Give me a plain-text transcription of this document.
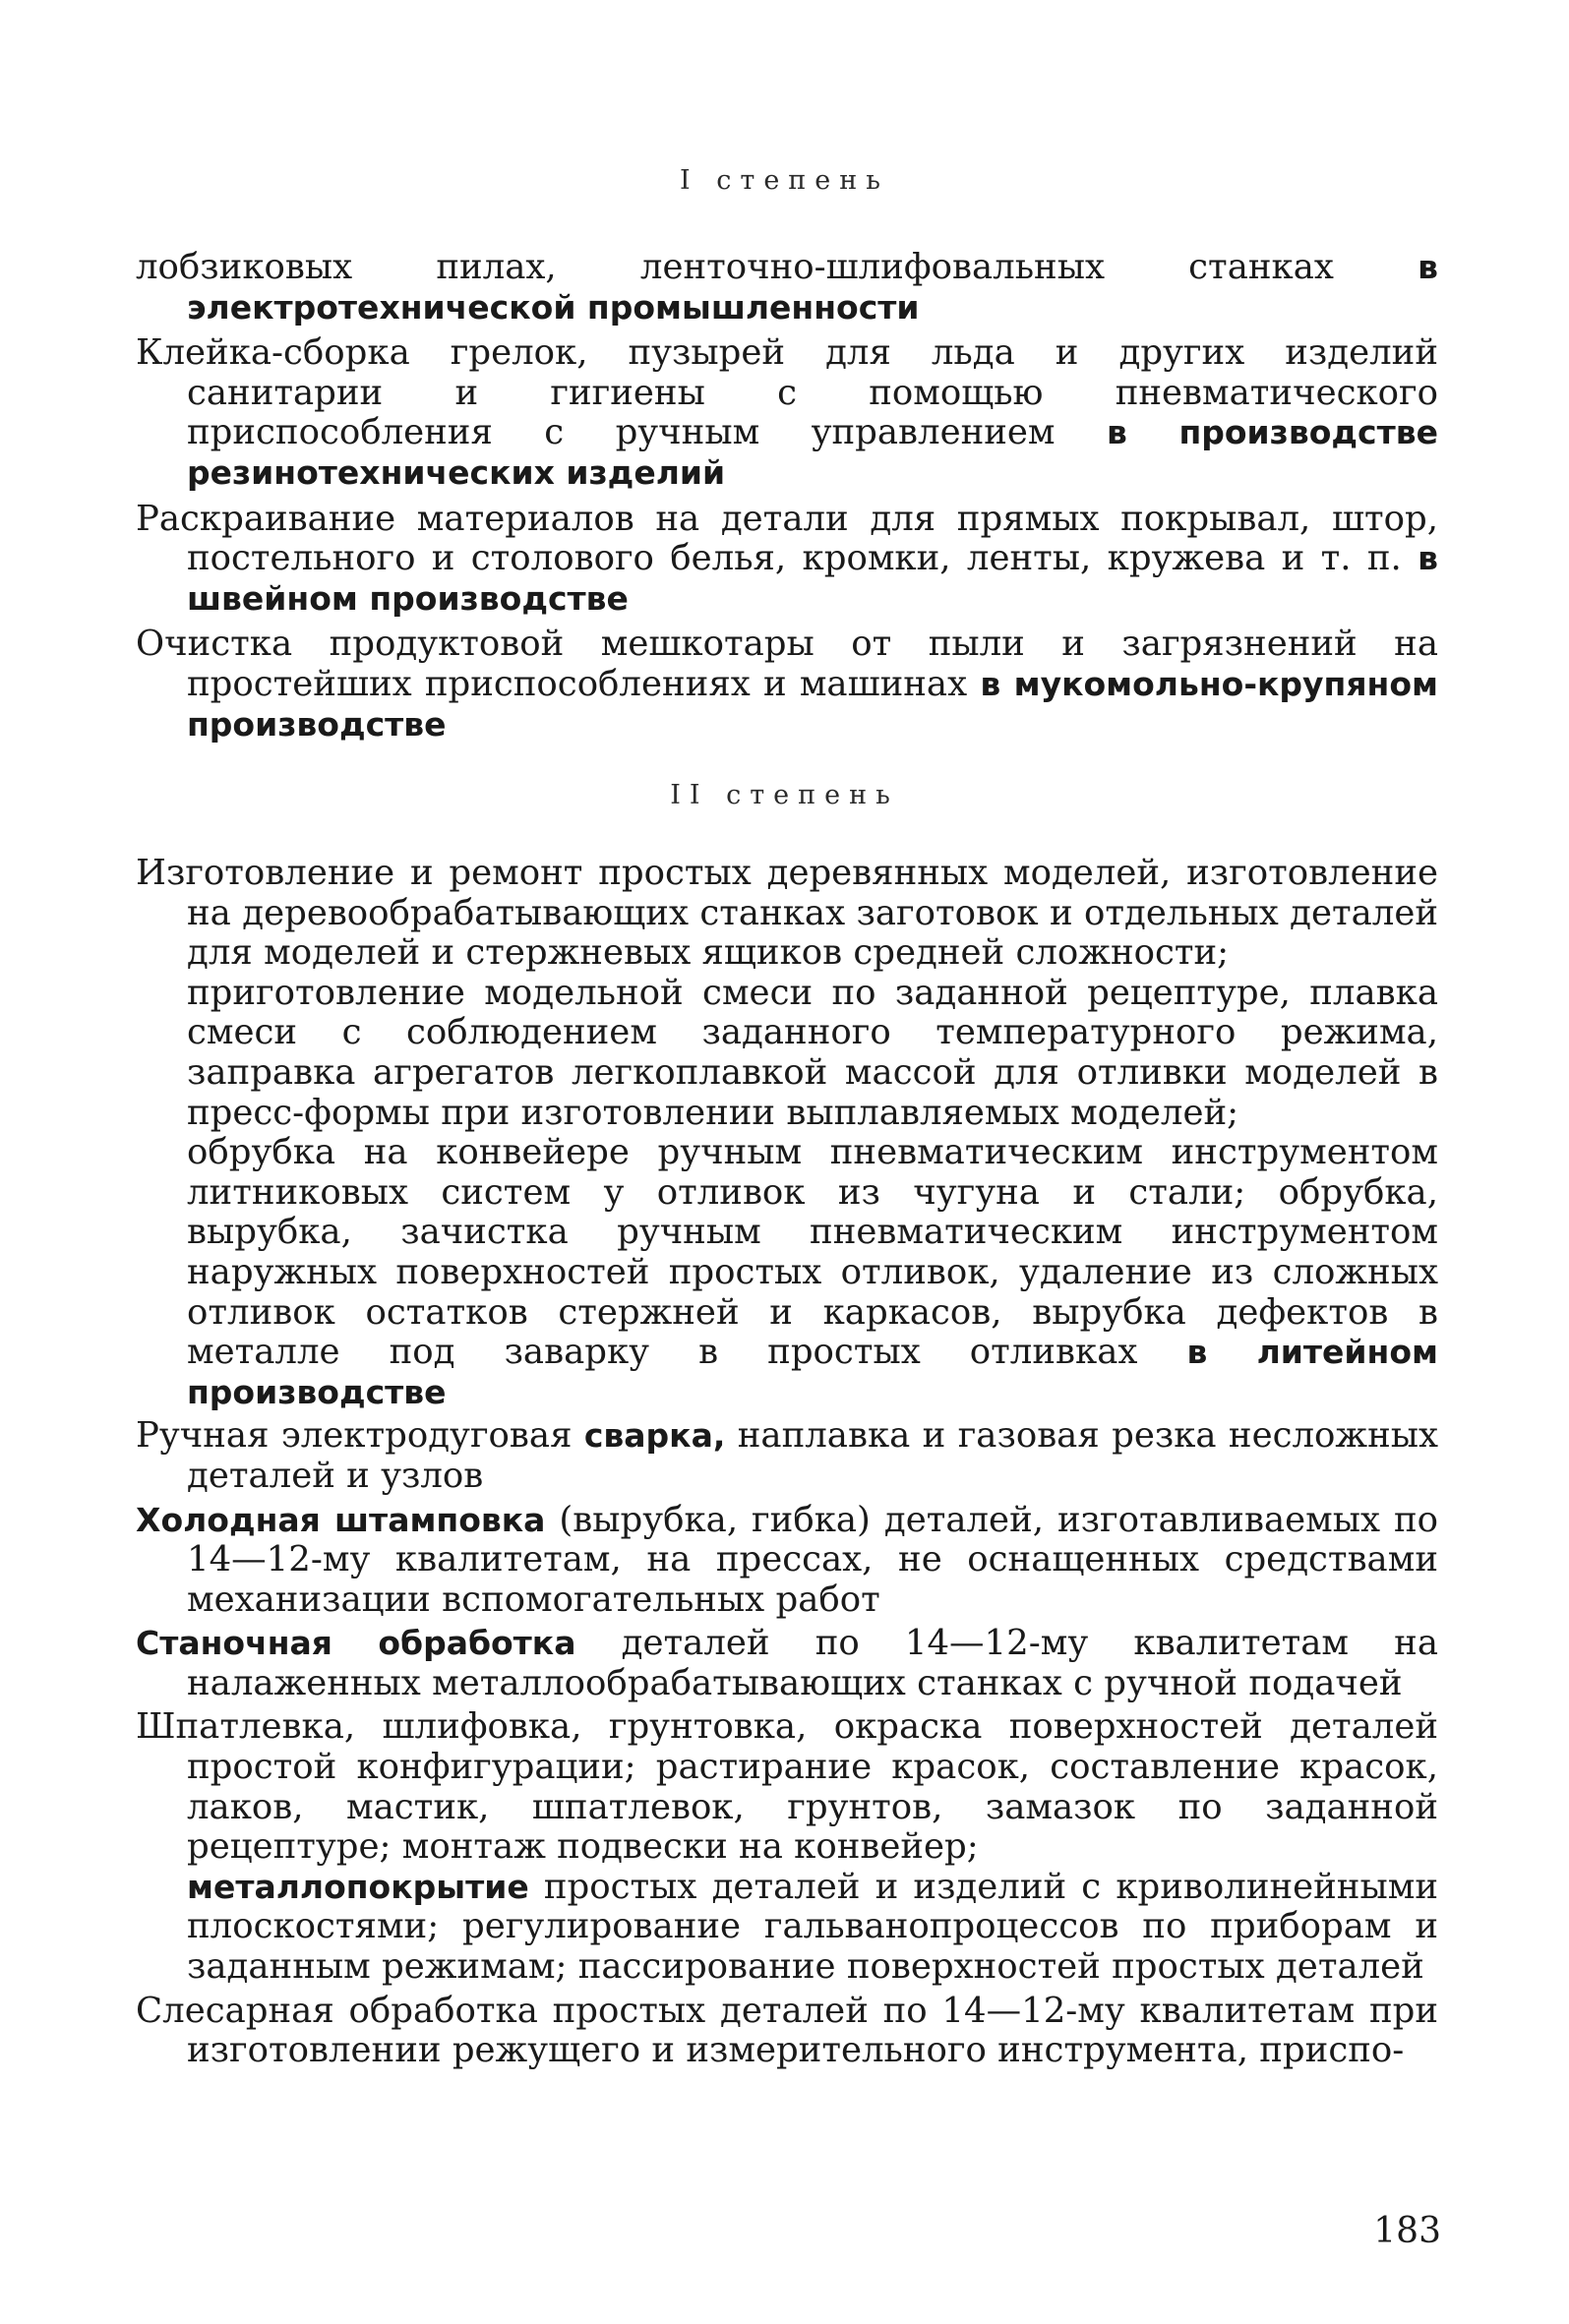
I степень

лобзиковых пилах, ленточно-шлифовальных станках в электротехнической промышленности

Клейка-сборка грелок, пузырей для льда и других изделий санитарии и гигиены с помощью пневматического приспособления с ручным управлением в производстве резинотехнических изделий

Раскраивание материалов на детали для прямых покрывал, штор, постельного и столового белья, кромки, ленты, кружева и т. п. в швейном производстве

Очистка продуктовой мешкотары от пыли и загрязнений на простейших приспособлениях и машинах в мукомольно-крупяном производстве

II степень

Изготовление и ремонт простых деревянных моделей, изготовление на деревообрабатывающих станках заготовок и отдельных деталей для моделей и стержневых ящиков средней сложности;

приготовление модельной смеси по заданной рецептуре, плавка смеси с соблюдением заданного температурного режима, заправка агрегатов легкоплавкой массой для отливки моделей в пресс-формы при изготовлении выплавляемых моделей;

обрубка на конвейере ручным пневматическим инструментом литниковых систем у отливок из чугуна и стали; обрубка, вырубка, зачистка ручным пневматическим инструментом наружных поверхностей простых отливок, удаление из сложных отливок остатков стержней и каркасов, вырубка дефектов в металле под заварку в простых отливках в литейном производстве

Ручная электродуговая сварка, наплавка и газовая резка несложных деталей и узлов

Холодная штамповка (вырубка, гибка) деталей, изготавливаемых по 14—12-му квалитетам, на прессах, не оснащенных средствами механизации вспомогательных работ

Станочная обработка деталей по 14—12-му квалитетам на налаженных металлообрабатывающих станках с ручной подачей

Шпатлевка, шлифовка, грунтовка, окраска поверхностей деталей простой конфигурации; растирание красок, составление красок, лаков, мастик, шпатлевок, грунтов, замазок по заданной рецептуре; монтаж подвески на конвейер;

металлопокрытие простых деталей и изделий с криволинейными плоскостями; регулирование гальванопроцессов по приборам и заданным режимам; пассирование поверхностей простых деталей

Слесарная обработка простых деталей по 14—12-му квалитетам при изготовлении режущего и измерительного инструмента, приспо-

183
